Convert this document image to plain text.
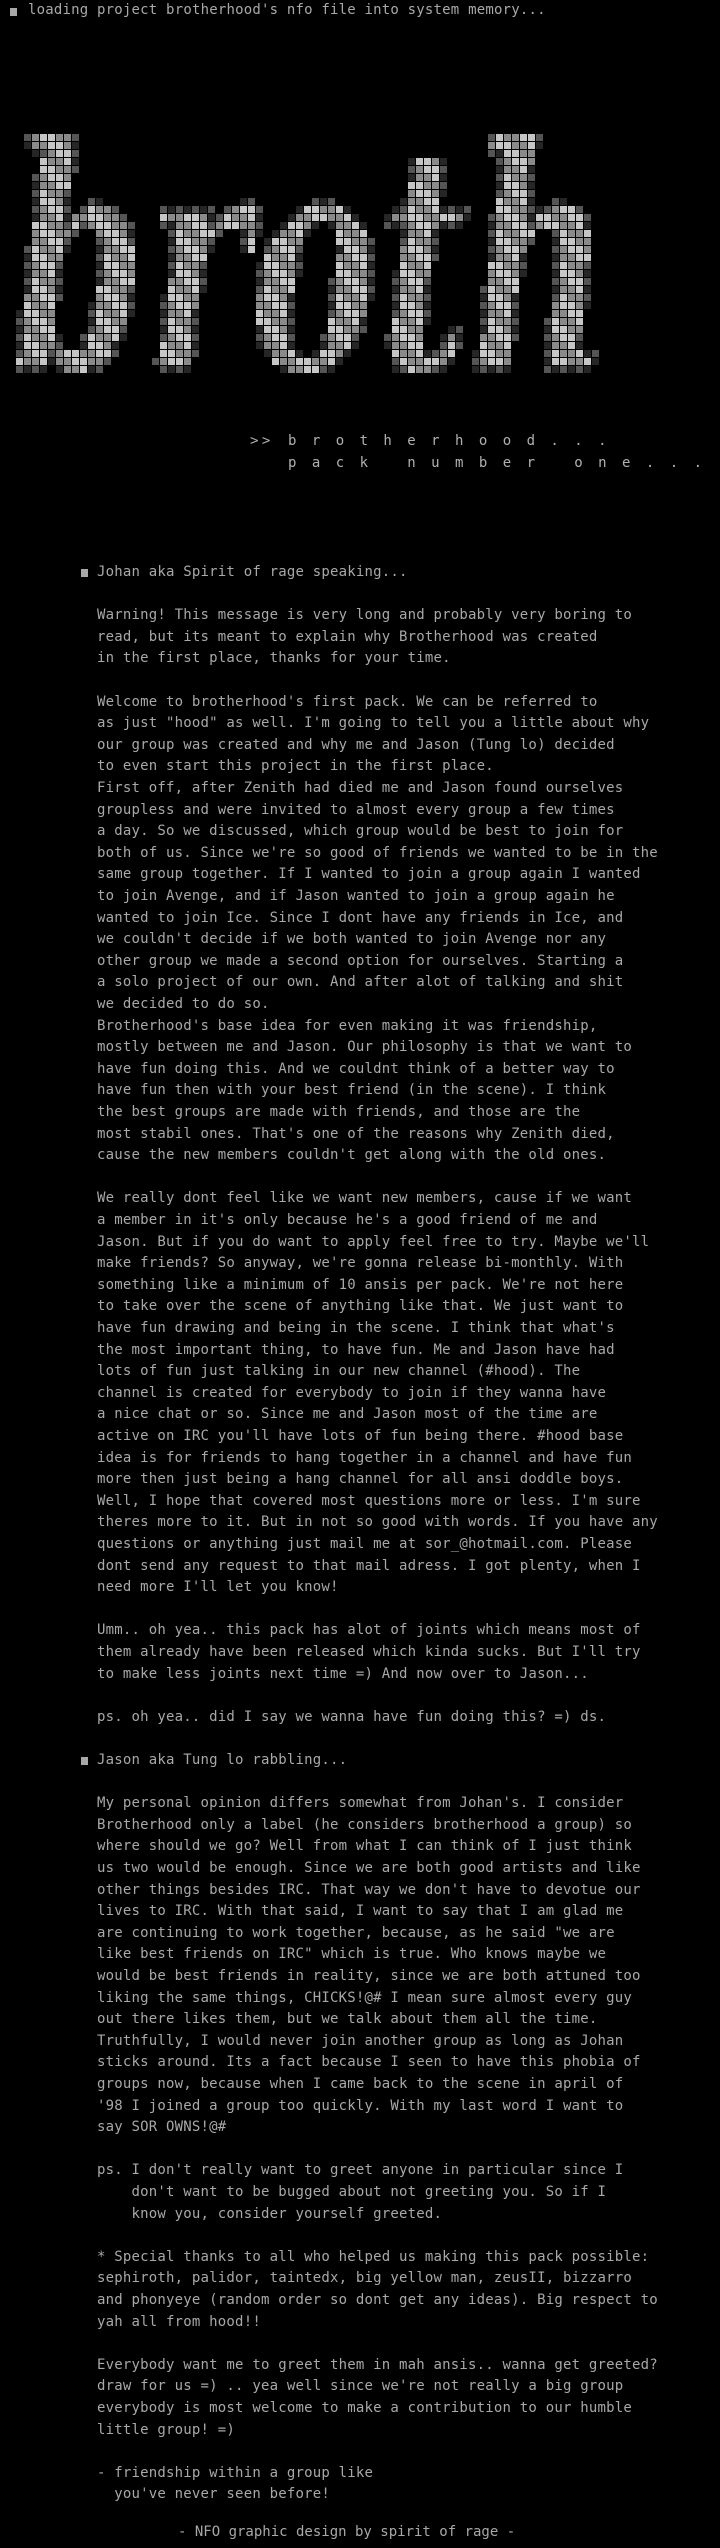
loading project brotherhood's nfo file into system memory...
>> b r o t h e r h o o d . . .
p a c k   n u m b e r   o n e . . .
Johan aka Spirit of rage speaking...
Warning! This message is very long and probably very boring to
read, but its meant to explain why Brotherhood was created
in the first place, thanks for your time.
Welcome to brotherhood's first pack. We can be referred to
as just "hood" as well. I'm going to tell you a little about why
our group was created and why me and Jason (Tung lo) decided
to even start this project in the first place.
First off, after Zenith had died me and Jason found ourselves
groupless and were invited to almost every group a few times
a day. So we discussed, which group would be best to join for
both of us. Since we're so good of friends we wanted to be in the
same group together. If I wanted to join a group again I wanted
to join Avenge, and if Jason wanted to join a group again he
wanted to join Ice. Since I dont have any friends in Ice, and
we couldn't decide if we both wanted to join Avenge nor any
other group we made a second option for ourselves. Starting a
a solo project of our own. And after alot of talking and shit
we decided to do so.
Brotherhood's base idea for even making it was friendship,
mostly between me and Jason. Our philosophy is that we want to
have fun doing this. And we couldnt think of a better way to
have fun then with your best friend (in the scene). I think
the best groups are made with friends, and those are the
most stabil ones. That's one of the reasons why Zenith died,
cause the new members couldn't get along with the old ones.
We really dont feel like we want new members, cause if we want
a member in it's only because he's a good friend of me and
Jason. But if you do want to apply feel free to try. Maybe we'll
make friends? So anyway, we're gonna release bi-monthly. With
something like a minimum of 10 ansis per pack. We're not here
to take over the scene of anything like that. We just want to
have fun drawing and being in the scene. I think that what's
the most important thing, to have fun. Me and Jason have had
lots of fun just talking in our new channel (#hood). The
channel is created for everybody to join if they wanna have
a nice chat or so. Since me and Jason most of the time are
active on IRC you'll have lots of fun being there. #hood base
idea is for friends to hang together in a channel and have fun
more then just being a hang channel for all ansi doddle boys.
Well, I hope that covered most questions more or less. I'm sure
theres more to it. But in not so good with words. If you have any
questions or anything just mail me at sor_@hotmail.com. Please
dont send any request to that mail adress. I got plenty, when I
need more I'll let you know!
Umm.. oh yea.. this pack has alot of joints which means most of
them already have been released which kinda sucks. But I'll try
to make less joints next time =) And now over to Jason...
ps. oh yea.. did I say we wanna have fun doing this? =) ds.
Jason aka Tung lo rabbling...
My personal opinion differs somewhat from Johan's. I consider
Brotherhood only a label (he considers brotherhood a group) so
where should we go? Well from what I can think of I just think
us two would be enough. Since we are both good artists and like
other things besides IRC. That way we don't have to devotue our
lives to IRC. With that said, I want to say that I am glad me
are continuing to work together, because, as he said "we are
like best friends on IRC" which is true. Who knows maybe we
would be best friends in reality, since we are both attuned too
liking the same things, CHICKS!@# I mean sure almost every guy
out there likes them, but we talk about them all the time.
Truthfully, I would never join another group as long as Johan
sticks around. Its a fact because I seen to have this phobia of
groups now, because when I came back to the scene in april of
'98 I joined a group too quickly. With my last word I want to
say SOR OWNS!@#
ps. I don't really want to greet anyone in particular since I
don't want to be bugged about not greeting you. So if I
know you, consider yourself greeted.
* Special thanks to all who helped us making this pack possible:
sephiroth, palidor, taintedx, big yellow man, zeusII, bizzarro
and phonyeye (random order so dont get any ideas). Big respect to
yah all from hood!!
Everybody want me to greet them in mah ansis.. wanna get greeted?
draw for us =) .. yea well since we're not really a big group
everybody is most welcome to make a contribution to our humble
little group! =)
- friendship within a group like
you've never seen before!
- NFO graphic design by spirit of rage -
